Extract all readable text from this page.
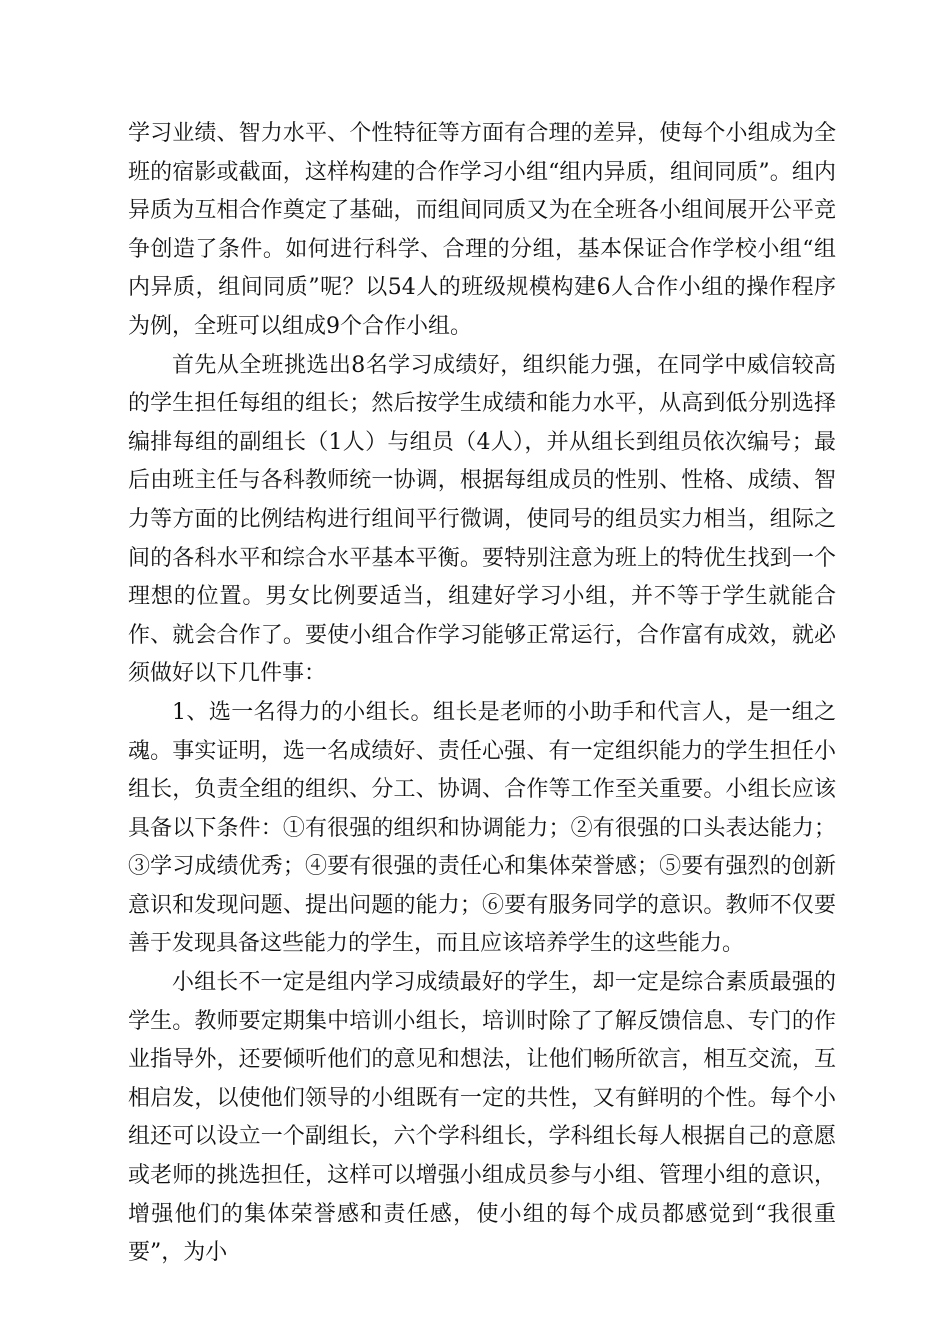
学习业绩、智力水平、个性特征等方面有合理的差异，使每个小组成为全班的宿影或截面，这样构建的合作学习小组“组内异质，组间同质”。组内异质为互相合作奠定了基础，而组间同质又为在全班各小组间展开公平竞争创造了条件。如何进行科学、合理的分组，基本保证合作学校小组“组内异质，组间同质”呢？以54人的班级规模构建6人合作小组的操作程序为例，全班可以组成9个合作小组。

首先从全班挑选出8名学习成绩好，组织能力强，在同学中威信较高的学生担任每组的组长；然后按学生成绩和能力水平，从高到低分别选择编排每组的副组长（1人）与组员（4人），并从组长到组员依次编号；最后由班主任与各科教师统一协调，根据每组成员的性别、性格、成绩、智力等方面的比例结构进行组间平行微调，使同号的组员实力相当，组际之间的各科水平和综合水平基本平衡。要特别注意为班上的特优生找到一个理想的位置。男女比例要适当，组建好学习小组，并不等于学生就能合作、就会合作了。要使小组合作学习能够正常运行，合作富有成效，就必须做好以下几件事：

1、选一名得力的小组长。组长是老师的小助手和代言人，是一组之魂。事实证明，选一名成绩好、责任心强、有一定组织能力的学生担任小组长，负责全组的组织、分工、协调、合作等工作至关重要。小组长应该具备以下条件：①有很强的组织和协调能力；②有很强的口头表达能力；③学习成绩优秀；④要有很强的责任心和集体荣誉感；⑤要有强烈的创新意识和发现问题、提出问题的能力；⑥要有服务同学的意识。教师不仅要善于发现具备这些能力的学生，而且应该培养学生的这些能力。

小组长不一定是组内学习成绩最好的学生，却一定是综合素质最强的学生。教师要定期集中培训小组长，培训时除了了解反馈信息、专门的作业指导外，还要倾听他们的意见和想法，让他们畅所欲言，相互交流，互相启发，以使他们领导的小组既有一定的共性，又有鲜明的个性。每个小组还可以设立一个副组长，六个学科组长，学科组长每人根据自己的意愿或老师的挑选担任，这样可以增强小组成员参与小组、管理小组的意识，增强他们的集体荣誉感和责任感，使小组的每个成员都感觉到“我很重要”，为小
